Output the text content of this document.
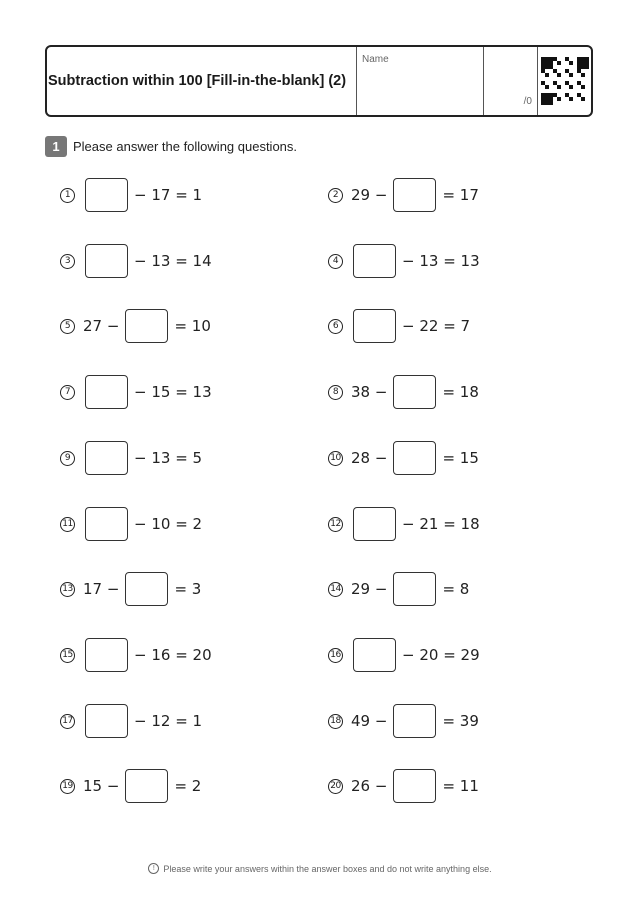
Subtraction within 100 [Fill-in-the-blank] (2)
Name
/0
1	Please answer the following questions.
1	− 17 = 1	2 29 −	= 17
3	− 13 = 14	4	− 13 = 13
5 27 −	= 10	6	− 22 = 7
7	− 15 = 13	8 38 −	= 18
9	− 13 = 5	10 28 −	= 15
11	− 10 = 2	12	− 21 = 18
13 17 −	= 3	14 29 −	= 8
15	− 16 = 20	16	− 20 = 29
17	− 12 = 1	18 49 −	= 39
19 15 −	= 2	20 26 −	= 11
! Please write your answers within the answer boxes and do not write anything else.
